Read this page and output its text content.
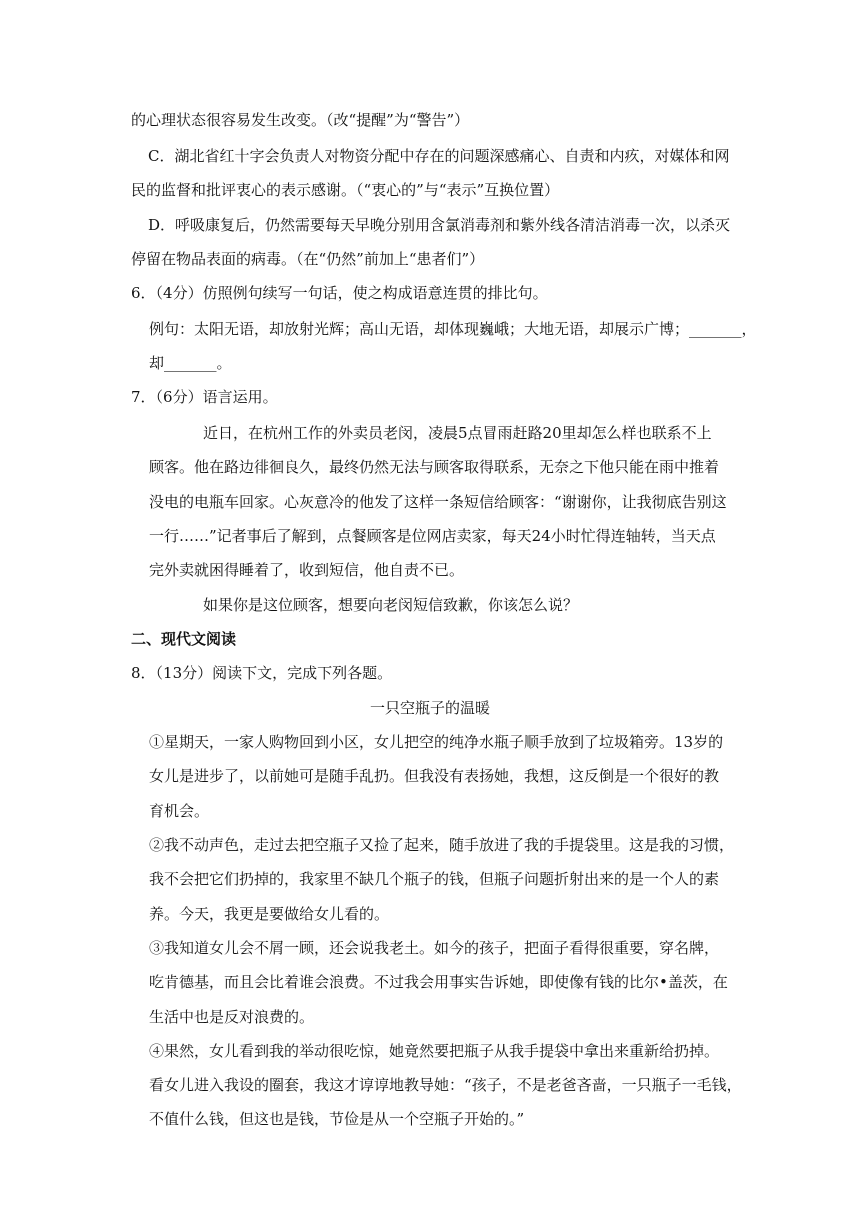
的心理状态很容易发生改变。（改“提醒”为“警告”）
C．湖北省红十字会负责人对物资分配中存在的问题深感痛心、自责和内疚，对媒体和网
民的监督和批评衷心的表示感谢。（“衷心的”与“表示”互换位置）
D．呼吸康复后，仍然需要每天早晚分别用含氯消毒剂和紫外线各清洁消毒一次，以杀灭
停留在物品表面的病毒。（在“仍然”前加上“患者们”）
6．（4分）仿照例句续写一句话，使之构成语意连贯的排比句。
例句：太阳无语，却放射光辉；高山无语，却体现巍峨；大地无语，却展示广博；_______，
却_______。
7．（6分）语言运用。
近日，在杭州工作的外卖员老闵，凌晨5点冒雨赶路20里却怎么样也联系不上
顾客。他在路边徘徊良久，最终仍然无法与顾客取得联系，无奈之下他只能在雨中推着
没电的电瓶车回家。心灰意冷的他发了这样一条短信给顾客：“谢谢你，让我彻底告别这
一行……”记者事后了解到，点餐顾客是位网店卖家，每天24小时忙得连轴转，当天点
完外卖就困得睡着了，收到短信，他自责不已。
如果你是这位顾客，想要向老闵短信致歉，你该怎么说？
二、现代文阅读
8．（13分）阅读下文，完成下列各题。
一只空瓶子的温暖
①星期天，一家人购物回到小区，女儿把空的纯净水瓶子顺手放到了垃圾箱旁。13岁的
女儿是进步了，以前她可是随手乱扔。但我没有表扬她，我想，这反倒是一个很好的教
育机会。
②我不动声色，走过去把空瓶子又捡了起来，随手放进了我的手提袋里。这是我的习惯，
我不会把它们扔掉的，我家里不缺几个瓶子的钱，但瓶子问题折射出来的是一个人的素
养。今天，我更是要做给女儿看的。
③我知道女儿会不屑一顾，还会说我老土。如今的孩子，把面子看得很重要，穿名牌，
吃肯德基，而且会比着谁会浪费。不过我会用事实告诉她，即使像有钱的比尔•盖茨，在
生活中也是反对浪费的。
④果然，女儿看到我的举动很吃惊，她竟然要把瓶子从我手提袋中拿出来重新给扔掉。
看女儿进入我设的圈套，我这才谆谆地教导她：“孩子，不是老爸吝啬，一只瓶子一毛钱，
不值什么钱，但这也是钱，节俭是从一个空瓶子开始的。”
